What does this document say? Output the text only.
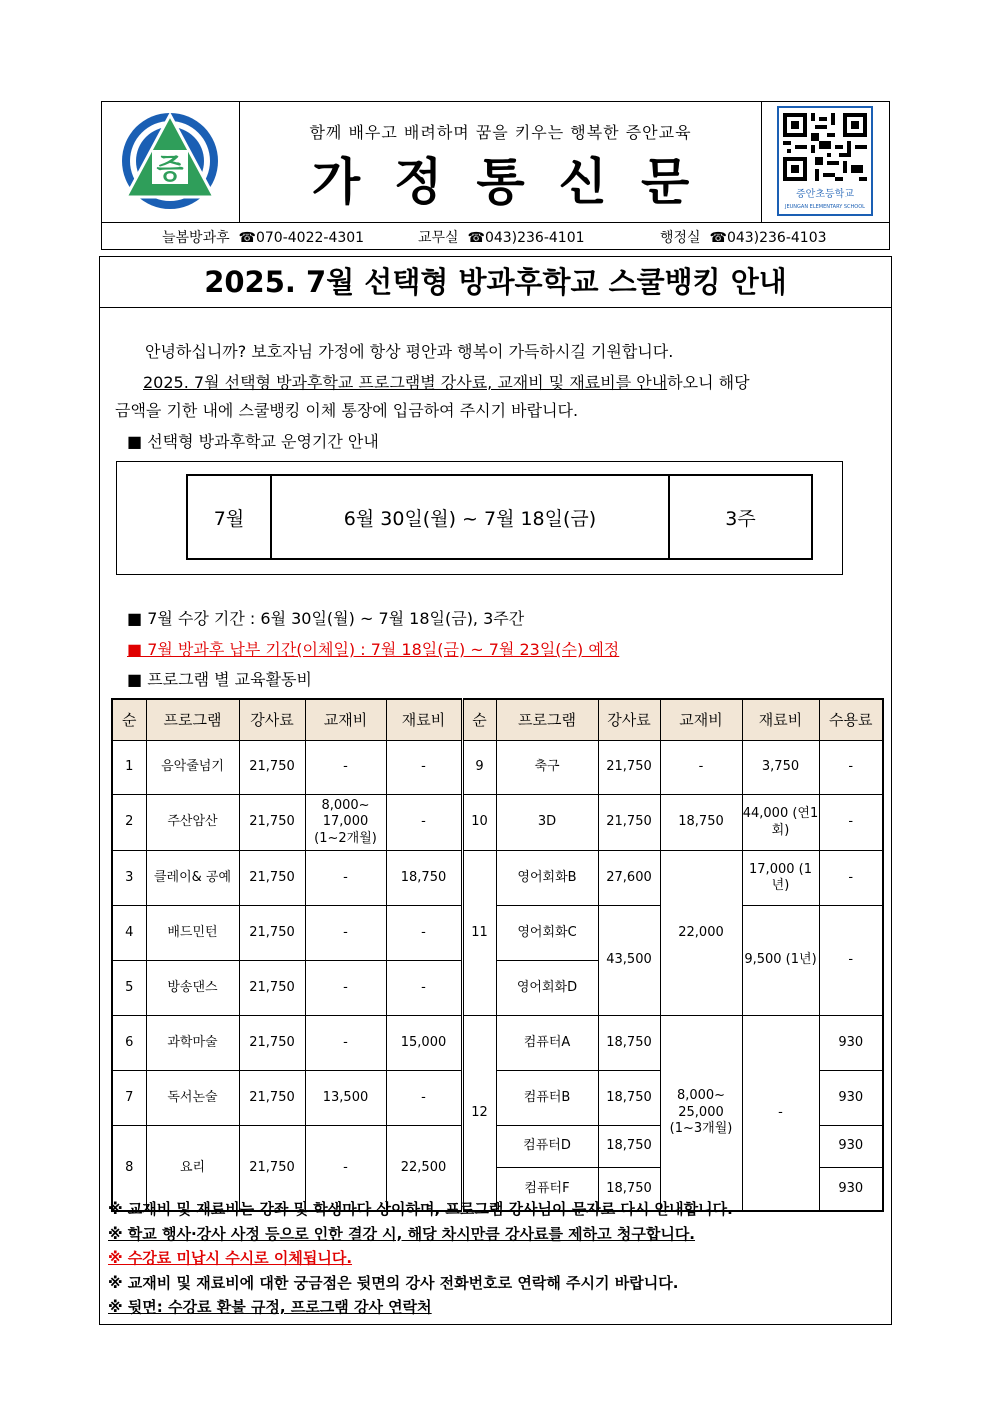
증
함께 배우고 배려하며 꿈을 키우는 행복한 증안교육
가정통신문	증안초등학교
JEUNGAN ELEMENTARY SCHOOL
늘봄방과후 ☎070-4022-4301	교무실 ☎043)236-4101	행정실 ☎043)236-4103
2025. 7월 선택형 방과후학교 스쿨뱅킹 안내
안녕하십니까? 보호자님 가정에 항상 평안과 행복이 가득하시길 기원합니다.
2025. 7월 선택형 방과후학교 프로그램별 강사료, 교재비 및 재료비를 안내하오니 해당
금액을 기한 내에 스쿨뱅킹 이체 통장에 입금하여 주시기 바랍니다.
■ 선택형 방과후학교 운영기간 안내
7월	6월 30일(월) ~ 7월 18일(금)	3주
■ 7월 수강 기간 : 6월 30일(월) ~ 7월 18일(금), 3주간
■ 7월 방과후 납부 기간(이체일) : 7월 18일(금) ~ 7월 23일(수) 예정
■ 프로그램 별 교육활동비
순	프로그램	강사료	교재비	재료비	순	프로그램	강사료	교재비	재료비	수용료
1	음악줄넘기	21,750	-	-	9	축구	21,750	-	3,750	-
2	주산암산	21,750	8,000~ 17,000 (1~2개월)	-	10	3D	21,750	18,750	44,000 (연1회)	-
3	클레이& 공예	21,750	-	18,750	11	영어회화B	27,600	22,000	17,000 (1년)	-
4	배드민턴	21,750	-	-		영어회화C	43,500		9,500 (1년)	-
5	방송댄스	21,750	-	-		영어회화D				
6	과학마술	21,750	-	15,000	12	컴퓨터A	18,750	8,000~ 25,000 (1~3개월)	-	930

7	독서논술	21,750	13,500	-		컴퓨터B	18,750			930

8	요리	21,750	-	22,500		컴퓨터D	18,750			930

						컴퓨터F	18,750			930
※ 교재비 및 재료비는 강좌 및 학생마다 상이하며, 프로그램 강사님이 문자로 다시 안내합니다.
※ 학교 행사·강사 사정 등으로 인한 결강 시, 해당 차시만큼 강사료를 제하고 청구합니다.
※ 수강료 미납시 수시로 이체됩니다.
※ 교재비 및 재료비에 대한 궁금점은 뒷면의 강사 전화번호로 연락해 주시기 바랍니다.
※ 뒷면: 수강료 환불 규정, 프로그램 강사 연락처
